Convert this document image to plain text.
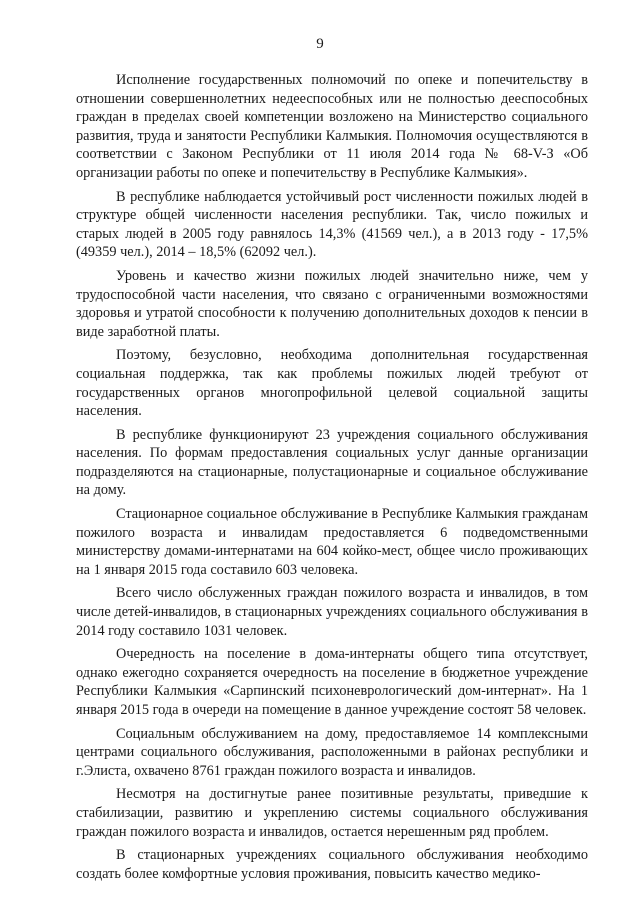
9

Исполнение государственных полномочий по опеке и попечительству в отношении совершеннолетних недееспособных или не полностью дееспособных граждан в пределах своей компетенции возложено на Министерство социального развития, труда и занятости Республики Калмыкия. Полномочия осуществляются в соответствии с Законом Республики от 11 июля 2014 года № 68-V-З «Об организации работы по опеке и попечительству в Республике Калмыкия».

В республике наблюдается устойчивый рост численности пожилых людей в структуре общей численности населения республики. Так, число пожилых и старых людей в 2005 году равнялось 14,3% (41569 чел.), а в 2013 году - 17,5% (49359 чел.), 2014 – 18,5% (62092 чел.).

Уровень и качество жизни пожилых людей значительно ниже, чем у трудоспособной части населения, что связано с ограниченными возможностями здоровья и утратой способности к получению дополнительных доходов к пенсии в виде заработной платы.

Поэтому, безусловно, необходима дополнительная государственная социальная поддержка, так как проблемы пожилых людей требуют от государственных органов многопрофильной целевой социальной защиты населения.

В республике функционируют 23 учреждения социального обслуживания населения. По формам предоставления социальных услуг данные организации подразделяются на стационарные, полустационарные и социальное обслуживание на дому.

Стационарное социальное обслуживание в Республике Калмыкия гражданам пожилого возраста и инвалидам предоставляется 6 подведомственными министерству домами-интернатами на 604 койко-мест, общее число проживающих на 1 января 2015 года составило 603 человека.

Всего число обслуженных граждан пожилого возраста и инвалидов, в том числе детей-инвалидов, в стационарных учреждениях социального обслуживания в 2014 году составило 1031 человек.

Очередность на поселение в дома-интернаты общего типа отсутствует, однако ежегодно сохраняется очередность на поселение в бюджетное учреждение Республики Калмыкия «Сарпинский психоневрологический дом-интернат». На 1 января 2015 года в очереди на помещение в данное учреждение состоят 58 человек.

Социальным обслуживанием на дому, предоставляемое 14 комплексными центрами социального обслуживания, расположенными в районах республики и г.Элиста, охвачено 8761 граждан пожилого возраста и инвалидов.

Несмотря на достигнутые ранее позитивные результаты, приведшие к стабилизации, развитию и укреплению системы социального обслуживания граждан пожилого возраста и инвалидов, остается нерешенным ряд проблем.

В стационарных учреждениях социального обслуживания необходимо создать более комфортные условия проживания, повысить качество медико-
